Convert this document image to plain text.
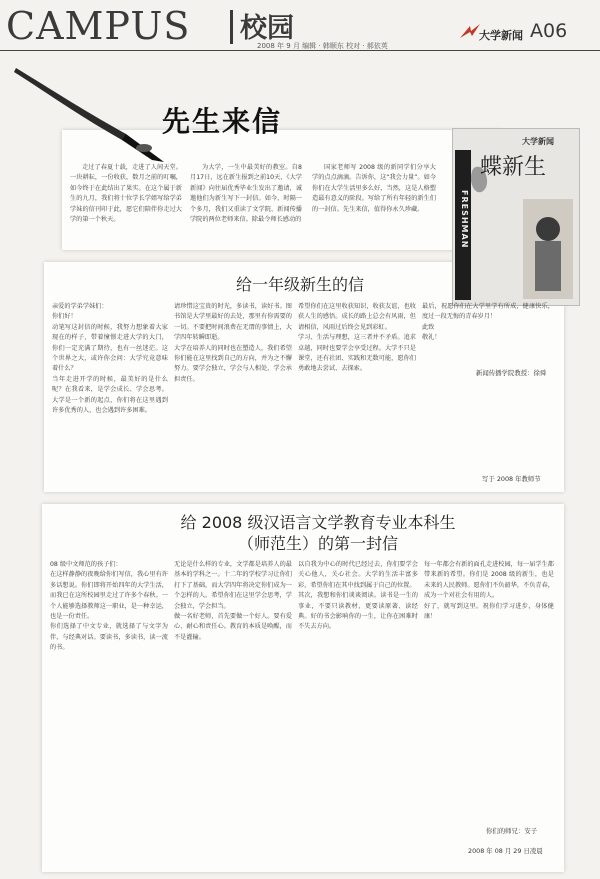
CAMPUS 校园
2008 年 9 月 编辑 · 韩顺东 校对 · 郝依英
大学新闻 A06
先生来信

走过了春夏十载，走进了人间天堂。一块耕耘，一份收获，数月之前的叮嘱，如今终于在此结出了果实。在这个属于新生的九月，我们将十位学长学姐写给学弟学妹的信刊印于此，愿它们陪伴你走过大学的第一个秋天。

为大学，一生中最美好的教室。自8月17日，远在新生报到之前10天，《大学新闻》向往届优秀毕业生发出了邀请，诚邀他们为新生写下一封信。如今，时隔一个多月，我们又重读了文学院、新闻传播学院的两位老师来信。除最令师长感动的

国家老师写 2008 级的新同学们分享大学的点点滴滴。告诉你，这“我会力量”。如今你们在大学生活里多么好，当然，这是人格塑造最有意义的阶段。写给了所有年轻的新生们的一封信。先生来信，值得你永久珍藏。	FRESHMAN
大学新闻
蝶新生
给一年级新生的信
亲爱的学弟学妹们：
你们好！
动笔写这封信的时候，我努力想象着大家现在的样子，带着憧憬走进大学的大门，你们一定充满了期待，也有一丝迷茫。这个世界之大，或许你会问：大学究竟意味着什么？
当年走进开学的时候，最美好的是什么呢？在我看来，是学会成长、学会思考。大学是一个新的起点，你们将在这里遇到许多优秀的人，也会遇到许多困难。
请珍惜这宝贵的时光，多读书，读好书。图书馆是大学里最好的去处，那里有你需要的一切。不要把时间浪费在无谓的事情上，大学四年转瞬即逝。
大学在培养人的同时也在塑造人，我们希望你们能在这里找到自己的方向，并为之不懈努力。要学会独立，学会与人相处，学会承担责任。
希望你们在这里收获知识，收获友谊，也收获人生的感悟。成长的路上总会有风雨，但请相信，风雨过后终会见到彩虹。
学习、生活与理想，这三者并不矛盾。追求卓越，同时也要学会享受过程。大学不只是课堂，还有社团、实践和无数可能，愿你们勇敢地去尝试、去探索。
最后，祝愿你们在大学里学有所成，健康快乐，度过一段无悔的青春岁月！
此致
敬礼！
新闻传播学院教授：徐舜
写于 2008 年教师节
给 2008 级汉语言文学教育专业本科生（师范生）的第一封信
08 级中文师范的孩子们：
在这样静静的夜晚给你们写信，我心里有许多话想说。你们即将开始四年的大学生活，而我已在这所校园里走过了许多个春秋。一个人能够选择教师这一职业，是一种幸运，也是一份责任。
你们选择了中文专业，就选择了与文字为伴，与经典对话。要读书，多读书，读一流的书。
无论是什么样的专业，文学都是培养人的最基本的学科之一。十二年的学校学习让你们打下了基础，而大学四年将决定你们成为一个怎样的人。希望你们在这里学会思考，学会独立，学会担当。
做一名好老师，首先要做一个好人。要有爱心、耐心和责任心。教育的本质是唤醒，而不是灌输。
以自我为中心的时代已经过去，你们要学会关心他人，关心社会。大学的生活丰富多彩，希望你们在其中找到属于自己的位置。
其次，我想和你们谈谈阅读。读书是一生的事业，不要只读教材，更要读原著、读经典。好的书会影响你的一生，让你在困难时不失去方向。
每一年都会有新的面孔走进校园，每一届学生都带来新的希望。你们是 2008 级的新生，也是未来的人民教师。愿你们不负韶华，不负青春，成为一个对社会有用的人。
好了，就写到这里。祝你们学习进步，身体健康！
你们的师兄：安子
2008 年 08 月 29 日凌晨
